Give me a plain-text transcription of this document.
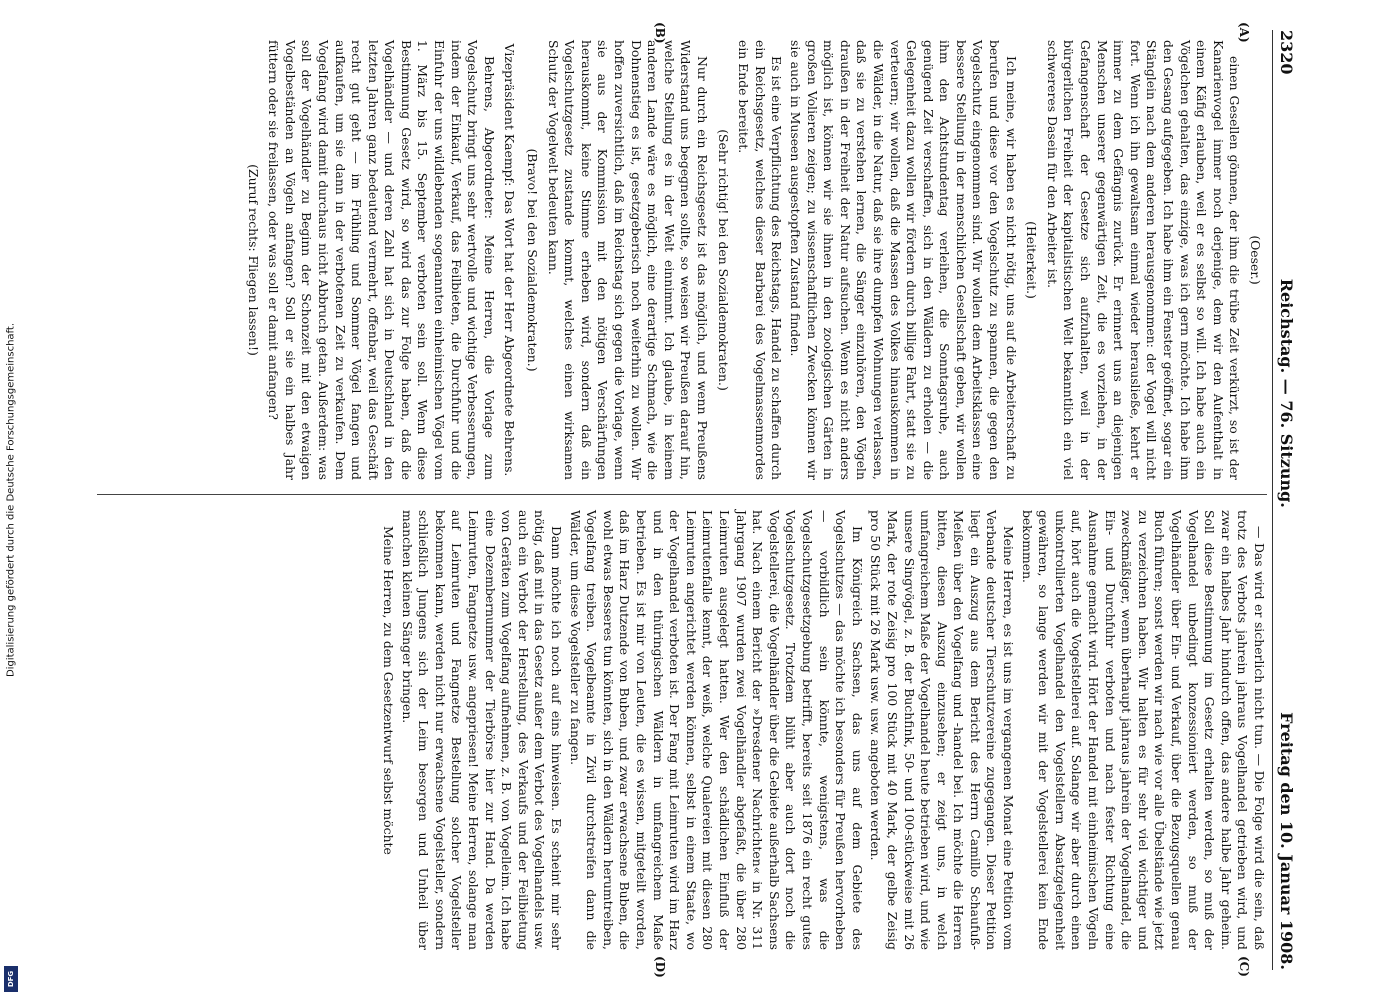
Digitalisierung gefördert durch die Deutsche Forschungsgemeinschaft.
DFG
2320
Reichstag. — 76. Sitzung.
Freitag den 10. Januar 1908.
(A)
(B)
(C)
(D)
(Oeser.)

einen Gesellen gönnen, der ihm die trübe Zeit verkürzt, so ist der Kanarienvogel immer noch derjenige, dem wir den Aufenthalt in einem Käfig erlauben, weil er es selbst so will. Ich habe auch ein Vögelchen gehalten, das einzige, was ich gern möchte. Ich habe ihm den Gesang aufgegeben. Ich habe ihm ein Fenster geöffnet, sogar ein Stänglein nach dem anderen herausgenommen: der Vogel will nicht fort. Wenn ich ihn gewaltsam einmal wieder herausließe, kehrt er immer zu dem Gefängnis zurück. Er erinnert uns an diejenigen Menschen unserer gegenwärtigen Zeit, die es vorziehen, in der Gefangenschaft der Gesetze sich aufzuhalten, weil in der bürgerlichen Freiheit der kapitalistischen Welt bekanntlich ein viel schwereres Dasein für den Arbeiter ist.

(Heiterkeit.)

Ich meine, wir haben es nicht nötig, uns auf die Arbeiterschaft zu berufen und diese vor den Vogelschutz zu spannen, die gegen den Vogelschutz eingenommen sind. Wir wollen dem Arbeitsklassen eine bessere Stellung in der menschlichen Gesellschaft geben, wir wollen ihm den Achtstundentag verleihen, die Sonntagsruhe, auch genügend Zeit verschaffen, sich in den Wäldern zu erholen — die Gelegenheit dazu wollen wir fördern durch billige Fahrt, statt sie zu verteuern; wir wollen, daß die Massen des Volkes hinauskommen in die Wälder, in die Natur, daß sie ihre dumpfen Wohnungen verlassen, daß sie zu verstehen lernen, die Sänger einzuhören, den Vögeln draußen in der Freiheit der Natur aufsuchen. Wenn es nicht anders möglich ist, können wir sie ihnen in den zoologischen Gärten in großen Volieren zeigen; zu wissenschaftlichen Zwecken können wir sie auch in Museen ausgestopften Zustand finden.

Es ist eine Verpflichtung des Reichstags, Handel zu schaffen durch ein Reichsgesetz, welches dieser Barbarei des Vogelmassenmordes ein Ende bereitet.

(Sehr richtig! bei den Sozialdemokraten.)

Nur durch ein Reichsgesetz ist das möglich, und wenn Preußens Widerstand uns begegnen sollte, so weisen wir Preußen darauf hin, welche Stellung es in der Welt einnimmt. Ich glaube, in keinem anderen Lande wäre es möglich, eine derartige Schmach, wie die Dohnenstieg es ist, gesetzgeberisch noch weiterhin zu wollen. Wir hoffen zuversichtlich, daß im Reichstag sich gegen die Vorlage, wenn sie aus der Kommission mit den nötigen Verschärfungen herauskommt, keine Stimme erheben wird, sondern daß ein Vogelschutzgesetz zustande kommt, welches einen wirksamen Schutz der Vogelwelt bedeuten kann.

(Bravo! bei den Sozialdemokraten.)
Vizepräsident Kaempf: Das Wort hat der Herr Abgeordnete Behrens.

Behrens, Abgeordneter: Meine Herren, die Vorlage zum Vogelschutz bringt uns sehr wertvolle und wichtige Verbesserungen, indem der Einkauf, Verkauf, das Feilbieten, die Durchfuhr und die Einfuhr der uns wildlebenden sogenannten einheimischen Vögel vom 1. März bis 15. September verboten sein soll. Wenn diese Bestimmung Gesetz wird, so wird das zur Folge haben, daß die Vogelhändler — und deren Zahl hat sich in Deutschland in den letzten Jahren ganz bedeutend vermehrt, offenbar, weil das Geschäft recht gut geht — im Frühling und Sommer Vögel fangen und aufkaufen, um sie dann in der verbotenen Zeit zu verkaufen. Dem Vogelfang wird damit durchaus nicht Abbruch getan. Außerdem: was soll der Vogelhändler zu Beginn der Schonzeit mit den etwaigen Vogelbeständen an Vögeln anfangen? Soll er sie ein halbes Jahr füttern oder sie freilassen, oder was soll er damit anfangen?

(Zuruf rechts: Fliegen lassen!)

— Das wird er sicherlich nicht tun. — Die Folge wird die sein, daß trotz des Verbots jahrein jahraus Vogelhandel getrieben wird, und zwar ein halbes Jahr hindurch offen, das andere halbe Jahr geheim. Soll diese Bestimmung im Gesetz erhalten werden, so muß der Vogelhandel unbedingt konzessioniert werden, so muß der Vogelhändler über Ein- und Verkauf, über die Bezugsquellen genau Buch führen; sonst werden wir nach wie vor alle Übelstände wie jetzt zu verzeichnen haben. Wir halten es für sehr viel wichtiger und zweckmäßiger, wenn überhaupt jahraus jahrein der Vogelhandel, die Ein- und Durchfuhr verboten und nach fester Richtung eine Ausnahme gemacht wird. Hört der Handel mit einheimischen Vögeln auf, hört auch die Vogelstellerei auf. Solange wir aber durch einen unkontrollierten Vogelhandel den Vogelstellern Absatzgelegenheit gewähren, so lange werden wir mit der Vogelstellerei kein Ende bekommen.

Meine Herren, es ist uns im vergangenen Monat eine Petition vom Verbande deutscher Tierschutzvereine zugegangen. Dieser Petition liegt ein Auszug aus dem Bericht des Herrn Camillo Schaufuß-Meißen über den Vogelfang und -handel bei. Ich möchte die Herren bitten, diesen Auszug einzusehen; er zeigt uns, in welch umfangreichem Maße der Vogelhandel heute betrieben wird, und wie unsere Singvögel, z. B. der Buchfink, 50- und 100-stückweise mit 26 Mark, der rote Zeisig pro 100 Stück mit 40 Mark, der gelbe Zeisig pro 50 Stück mit 26 Mark usw. usw. angeboten werden.

Im Königreich Sachsen, das uns auf dem Gebiete des Vogelschutzes — das möchte ich besonders für Preußen hervorheben — vorbildlich sein könnte, wenigstens, was die Vogelschutzgesetzgebung betrifft, bereits seit 1876 ein recht gutes Vogelschutzgesetz. Trotzdem blüht aber auch dort noch die Vogelstellerei, die Vogelhändler über die Gebiete außerhalb Sachsens hat. Nach einem Bericht der »Dresdener Nachrichten« in Nr. 311 Jahrgang 1907 wurden zwei Vogelhändler abgefaßt, die über 280 Leimruten ausgelegt hatten. Wer den schädlichen Einfluß der Leimrutenfalle kennt, der weiß, welche Qualereien mit diesen 280 Leimruten angerichtet werden können, selbst in einem Staate, wo der Vogelhandel verboten ist. Der Fang mit Leimruten wird im Harz und in den thüringischen Wäldern in umfangreichem Maße betrieben. Es ist mir von Leuten, die es wissen, mitgeteilt worden, daß im Harz Dutzende von Buben, und zwar erwachsene Buben, die wohl etwas Besseres tun könnten, sich in den Wäldern herumtreiben, Vogelfang treiben. Vogelbeamte in Zivil durchstreifen dann die Wälder, um diese Vogelsteller zu fangen.

Dann möchte ich noch auf eins hinweisen. Es scheint mir sehr nötig, daß mit in das Gesetz außer dem Verbot des Vogelhandels usw. auch ein Verbot der Herstellung, des Verkaufs und der Feilbietung von Geräten zum Vogelfang aufnehmen, z. B. von Vogelleim. Ich habe eine Dezembernummer der Tierbörse hier zur Hand. Da werden Leimruten, Fangnetze usw. angepriesen! Meine Herren, solange man auf Leimruten und Fangnetze Bestellung solcher Vogelsteller bekommen kann, werden nicht nur erwachsene Vogelsteller, sondern schließlich Jungens sich der Leim besorgen und Unheil über manchen kleinen Sänger bringen.

Meine Herren, zu dem Gesetzentwurf selbst möchte
